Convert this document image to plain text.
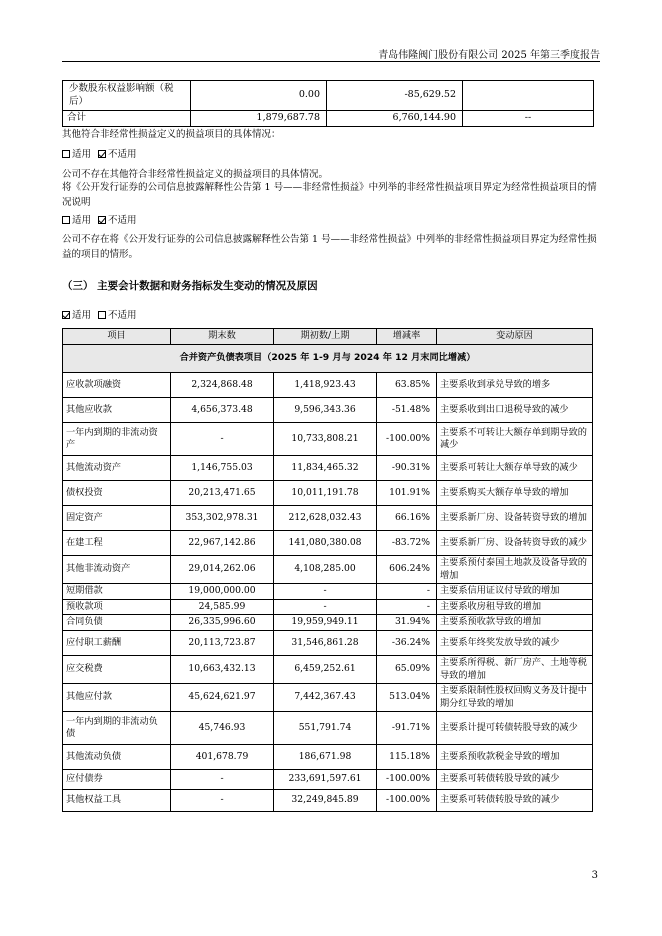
青岛伟隆阀门股份有限公司 2025 年第三季度报告
少数股东权益影响额（税后）	0.00	-85,629.52	
合计	1,879,687.78	6,760,144.90	--
其他符合非经常性损益定义的损益项目的具体情况：
适用 不适用
公司不存在其他符合非经常性损益定义的损益项目的具体情况。
将《公开发行证券的公司信息披露解释性公告第 1 号——非经常性损益》中列举的非经常性损益项目界定为经常性损益项目的情况说明
适用 不适用
公司不存在将《公开发行证券的公司信息披露解释性公告第 1 号——非经常性损益》中列举的非经常性损益项目界定为经常性损益的项目的情形。
（三） 主要会计数据和财务指标发生变动的情况及原因
适用 不适用
项目	期末数	期初数/上期	增减率	变动原因
合并资产负债表项目（2025 年 1-9 月与 2024 年 12 月末同比增减）				
应收款项融资	2,324,868.48	1,418,923.43	63.85%	主要系收到承兑导致的增多
其他应收款	4,656,373.48	9,596,343.36	-51.48%	主要系收到出口退税导致的减少
一年内到期的非流动资产	-	10,733,808.21	-100.00%	主要系不可转让大额存单到期导致的减少
其他流动资产	1,146,755.03	11,834,465.32	-90.31%	主要系可转让大额存单导致的减少
债权投资	20,213,471.65	10,011,191.78	101.91%	主要系购买大额存单导致的增加
固定资产	353,302,978.31	212,628,032.43	66.16%	主要系新厂房、设备转资导致的增加
在建工程	22,967,142.86	141,080,380.08	-83.72%	主要系新厂房、设备转资导致的减少
其他非流动资产	29,014,262.06	4,108,285.00	606.24%	主要系预付泰国土地款及设备导致的增加
短期借款	19,000,000.00	-	-	主要系信用证议付导致的增加
预收款项	24,585.99	-	-	主要系收房租导致的增加
合同负债	26,335,996.60	19,959,949.11	31.94%	主要系预收款导致的增加
应付职工薪酬	20,113,723.87	31,546,861.28	-36.24%	主要系年终奖发放导致的减少
应交税费	10,663,432.13	6,459,252.61	65.09%	主要系所得税、新厂房产、土地等税导致的增加
其他应付款	45,624,621.97	7,442,367.43	513.04%	主要系限制性股权回购义务及计提中期分红导致的增加
一年内到期的非流动负债	45,746.93	551,791.74	-91.71%	主要系计提可转债转股导致的减少
其他流动负债	401,678.79	186,671.98	115.18%	主要系预收款税金导致的增加
应付债券	-	233,691,597.61	-100.00%	主要系可转债转股导致的减少
其他权益工具	-	32,249,845.89	-100.00%	主要系可转债转股导致的减少
3
